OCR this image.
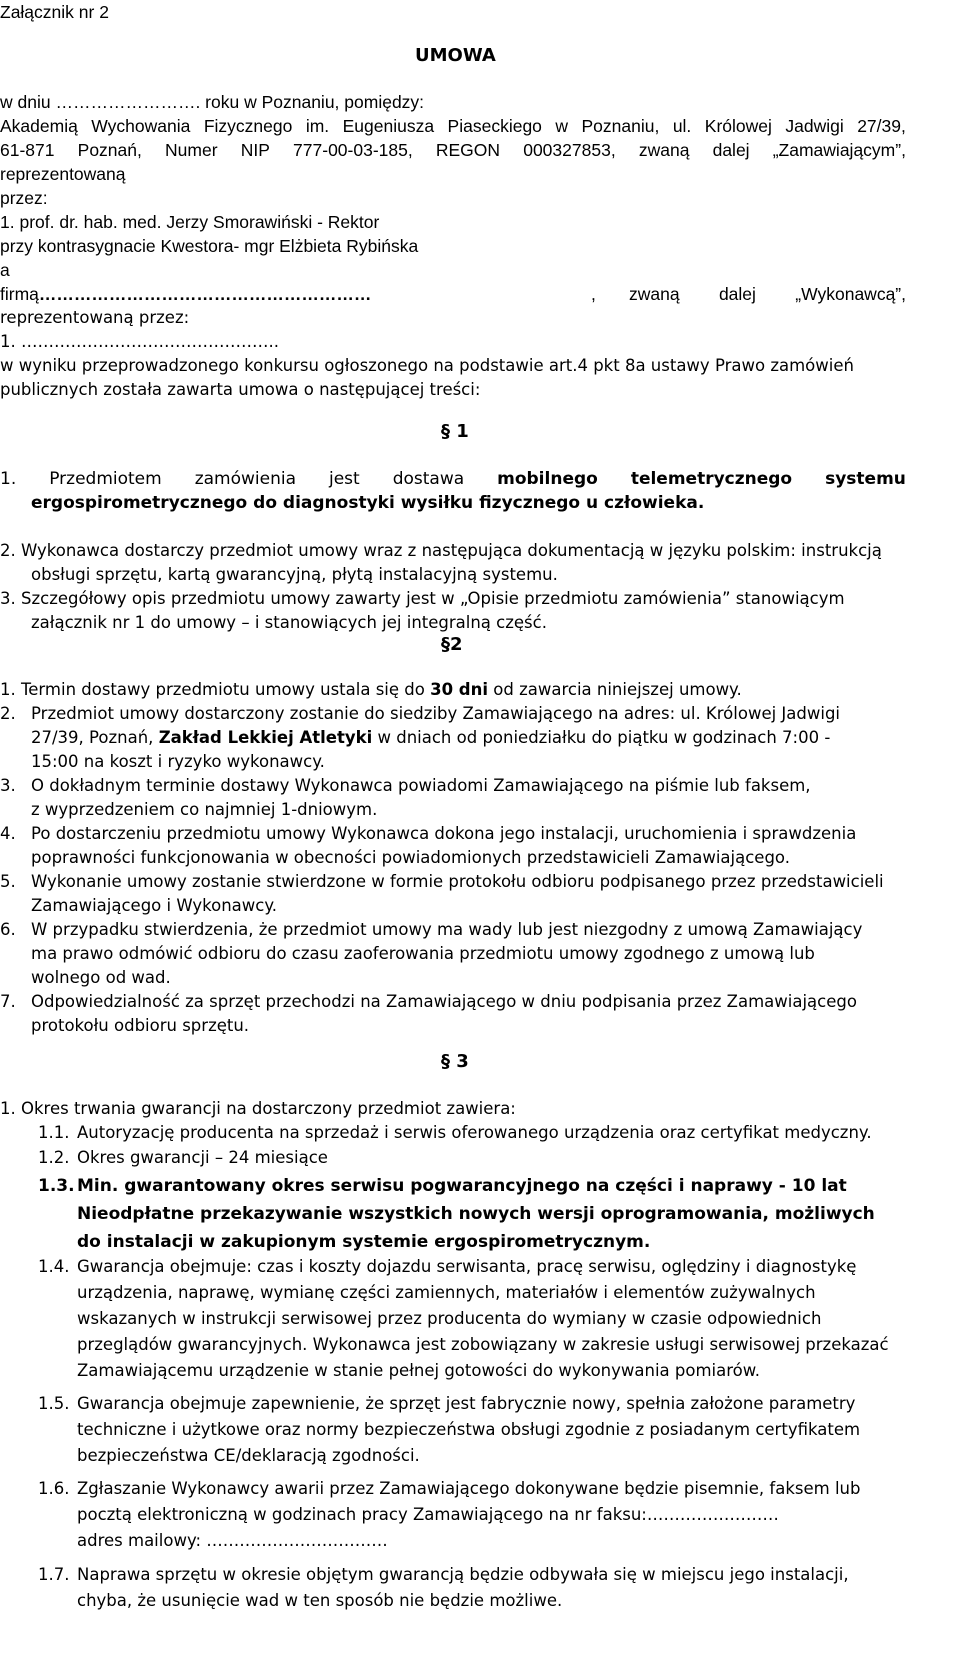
Załącznik nr 2
UMOWA
w dniu ……………………. roku w Poznaniu, pomiędzy:
Akademią Wychowania Fizycznego im. Eugeniusza Piaseckiego w Poznaniu, ul. Królowej Jadwigi 27/39,
61-871 Poznań, Numer NIP 777-00-03-185, REGON 000327853, zwaną dalej „Zamawiającym”,
reprezentowaną
przez:
1. prof. dr. hab. med. Jerzy Smorawiński - Rektor
przy kontrasygnacie Kwestora- mgr Elżbieta Rybińska
a
firmą…………………………………………………	, zwaną dalej „Wykonawcą”,
reprezentowaną przez:
1. ………………………………………..
w wyniku przeprowadzonego konkursu ogłoszonego na podstawie art.4 pkt 8a ustawy Prawo zamówień
publicznych została zawarta umowa o następującej treści:
§ 1
1. Przedmiotem zamówienia jest dostawa mobilnego telemetrycznego systemu
ergospirometrycznego do diagnostyki wysiłku fizycznego u człowieka.
2. Wykonawca dostarczy przedmiot umowy wraz z następująca dokumentacją w języku polskim: instrukcją
obsługi sprzętu, kartą gwarancyjną, płytą instalacyjną systemu.
3. Szczegółowy opis przedmiotu umowy zawarty jest w „Opisie przedmiotu zamówienia” stanowiącym
załącznik nr 1 do umowy – i stanowiących jej integralną część.
§2
1. Termin dostawy przedmiotu umowy ustala się do 30 dni od zawarcia niniejszej umowy.
2. Przedmiot umowy dostarczony zostanie do siedziby Zamawiającego na adres: ul. Królowej Jadwigi
27/39, Poznań, Zakład Lekkiej Atletyki w dniach od poniedziałku do piątku w godzinach 7:00 -
15:00 na koszt i ryzyko wykonawcy.
3. O dokładnym terminie dostawy Wykonawca powiadomi Zamawiającego na piśmie lub faksem,
z wyprzedzeniem co najmniej 1-dniowym.
4. Po dostarczeniu przedmiotu umowy Wykonawca dokona jego instalacji, uruchomienia i sprawdzenia
poprawności funkcjonowania w obecności powiadomionych przedstawicieli Zamawiającego.
5. Wykonanie umowy zostanie stwierdzone w formie protokołu odbioru podpisanego przez przedstawicieli
Zamawiającego i Wykonawcy.
6. W przypadku stwierdzenia, że przedmiot umowy ma wady lub jest niezgodny z umową Zamawiający
ma prawo odmówić odbioru do czasu zaoferowania przedmiotu umowy zgodnego z umową lub
wolnego od wad.
7. Odpowiedzialność za sprzęt przechodzi na Zamawiającego w dniu podpisania przez Zamawiającego
protokołu odbioru sprzętu.
§ 3
1. Okres trwania gwarancji na dostarczony przedmiot zawiera:
1.1. Autoryzację producenta na sprzedaż i serwis oferowanego urządzenia oraz certyfikat medyczny.
1.2. Okres gwarancji – 24 miesiące
1.3. Min. gwarantowany okres serwisu pogwarancyjnego na części i naprawy - 10 lat
Nieodpłatne przekazywanie wszystkich nowych wersji oprogramowania, możliwych
do instalacji w zakupionym systemie ergospirometrycznym.
1.4. Gwarancja obejmuje: czas i koszty dojazdu serwisanta, pracę serwisu, oględziny i diagnostykę
urządzenia, naprawę, wymianę części zamiennych, materiałów i elementów zużywalnych
wskazanych w instrukcji serwisowej przez producenta do wymiany w czasie odpowiednich
przeglądów gwarancyjnych. Wykonawca jest zobowiązany w zakresie usługi serwisowej przekazać
Zamawiającemu urządzenie w stanie pełnej gotowości do wykonywania pomiarów.
1.5. Gwarancja obejmuje zapewnienie, że sprzęt jest fabrycznie nowy, spełnia założone parametry
techniczne i użytkowe oraz normy bezpieczeństwa obsługi zgodnie z posiadanym certyfikatem
bezpieczeństwa CE/deklaracją zgodności.
1.6. Zgłaszanie Wykonawcy awarii przez Zamawiającego dokonywane będzie pisemnie, faksem lub
pocztą elektroniczną w godzinach pracy Zamawiającego na nr faksu:……………………
adres mailowy: ……………………………
1.7. Naprawa sprzętu w okresie objętym gwarancją będzie odbywała się w miejscu jego instalacji,
chyba, że usunięcie wad w ten sposób nie będzie możliwe.
